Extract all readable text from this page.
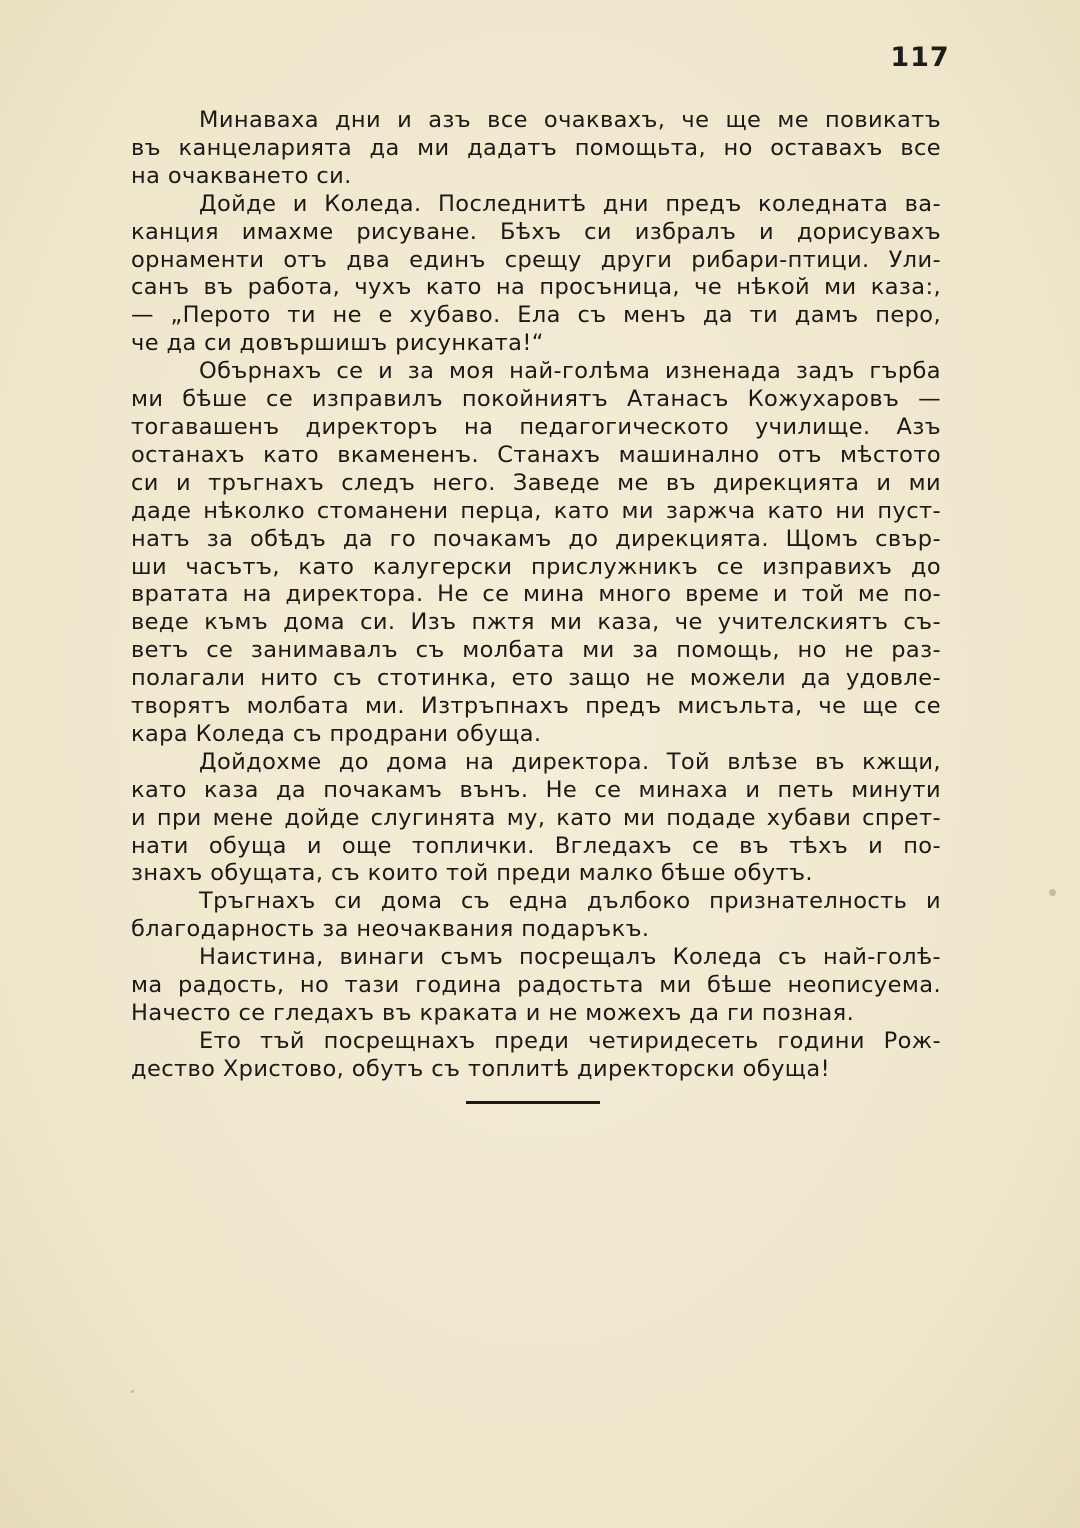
117

Минаваха дни и азъ все очаквахъ, че ще ме повикатъ
въ канцеларията да ми дадатъ помощьта, но оставахъ все
на очакването си.

Дойде и Коледа. Последнитѣ дни предъ коледната ва-
канция имахме рисуване. Бѣхъ си избралъ и дорисувахъ
орнаменти отъ два единъ срещу други рибари-птици. Ули-
санъ въ работа, чухъ като на просъница, че нѣкой ми каза:,
— „Перото ти не е хубаво. Ела съ менъ да ти дамъ перо,
че да си довършишъ рисунката!“

Обърнахъ се и за моя най-голѣма изненада задъ гърба
ми бѣше се изправилъ покойниятъ Атанасъ Кожухаровъ —
тогавашенъ директоръ на педагогическото училище. Азъ
останахъ като вкамененъ. Станахъ машинално отъ мѣстото
си и тръгнахъ следъ него. Заведе ме въ дирекцията и ми
даде нѣколко стоманени перца, като ми заржча като ни пуст-
натъ за обѣдъ да го почакамъ до дирекцията. Щомъ свър-
ши часътъ, като калугерски прислужникъ се изправихъ до
вратата на директора. Не се мина много време и той ме по-
веде къмъ дома си. Изъ пжтя ми каза, че учителскиятъ съ-
ветъ се занимавалъ съ молбата ми за помощь, но не раз-
полагали нито съ стотинка, ето защо не можели да удовле-
творятъ молбата ми. Изтръпнахъ предъ мисъльта, че ще се
кара Коледа съ продрани обуща.

Дойдохме до дома на директора. Той влѣзе въ кжщи,
като каза да почакамъ вънъ. Не се минаха и петь минути
и при мене дойде слугинята му, като ми подаде хубави спрет-
нати обуща и още топлички. Вгледахъ се въ тѣхъ и по-
знахъ обущата, съ които той преди малко бѣше обутъ.

Тръгнахъ си дома съ една дълбоко признателность и
благодарность за неочаквания подаръкъ.

Наистина, винаги съмъ посрещалъ Коледа съ най-голѣ-
ма радость, но тази година радостьта ми бѣше неописуема.
Начесто се гледахъ въ краката и не можехъ да ги позная.

Ето тъй посрещнахъ преди четиридесеть години Рож-
дество Христово, обутъ съ топлитѣ директорски обуща!
